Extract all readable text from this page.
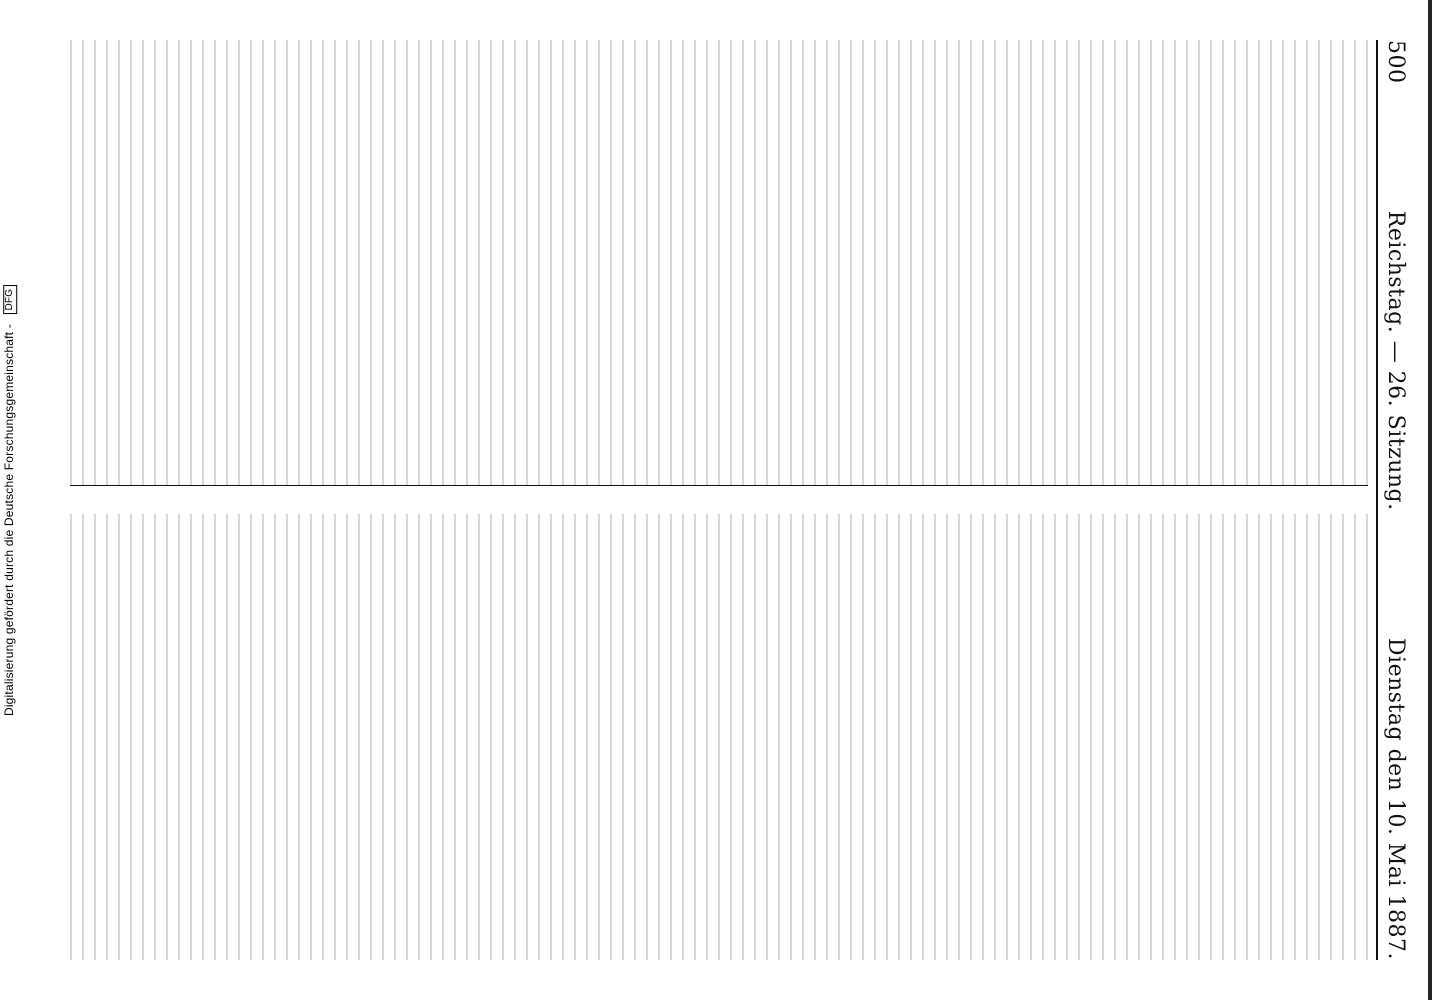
500
Reichstag. — 26. Sitzung.
Dienstag den 10. Mai 1887.
Digitalisierung gefördert durch die Deutsche Forschungsgemeinschaft - DFG
